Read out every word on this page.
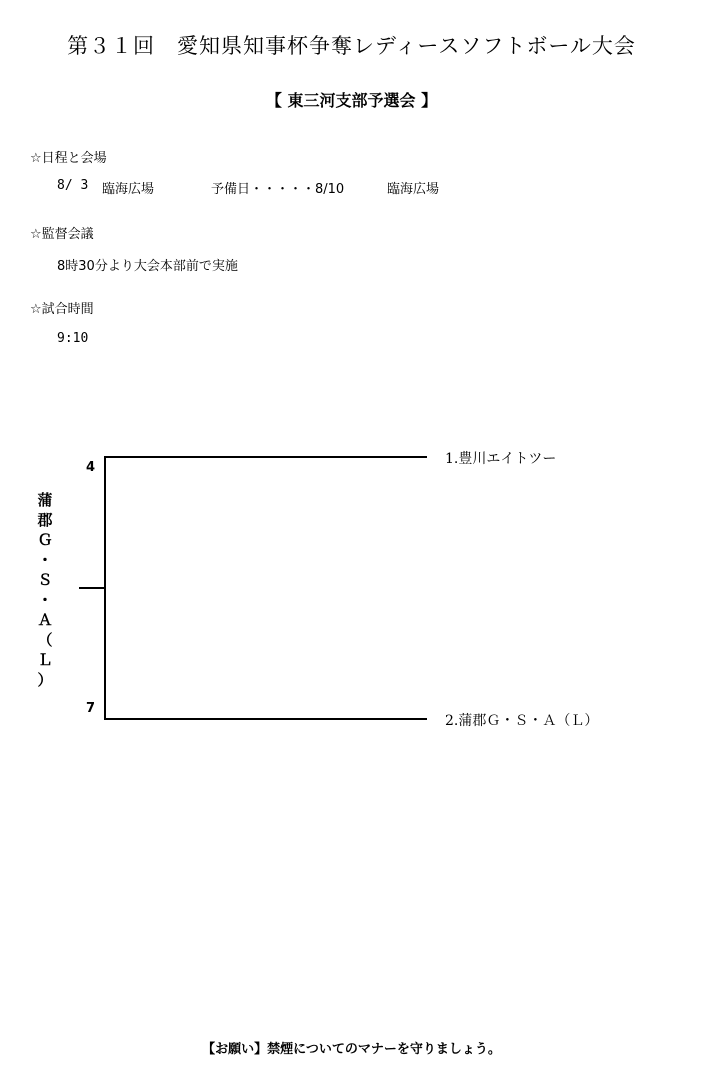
第３１回　愛知県知事杯争奪レディースソフトボール大会
【 東三河支部予選会 】
☆日程と会場
8/ 3 臨海広場	予備日・・・・・8/10	臨海広場
☆監督会議
8時30分より大会本部前で実施
☆試合時間
9:10
4
7
1.豊川エイトツー
2.蒲郡Ｇ・Ｓ・Ａ（Ｌ）
蒲
郡
Ｇ
・
Ｓ
・
Ａ
（
Ｌ
）
【お願い】禁煙についてのマナーを守りましょう。
